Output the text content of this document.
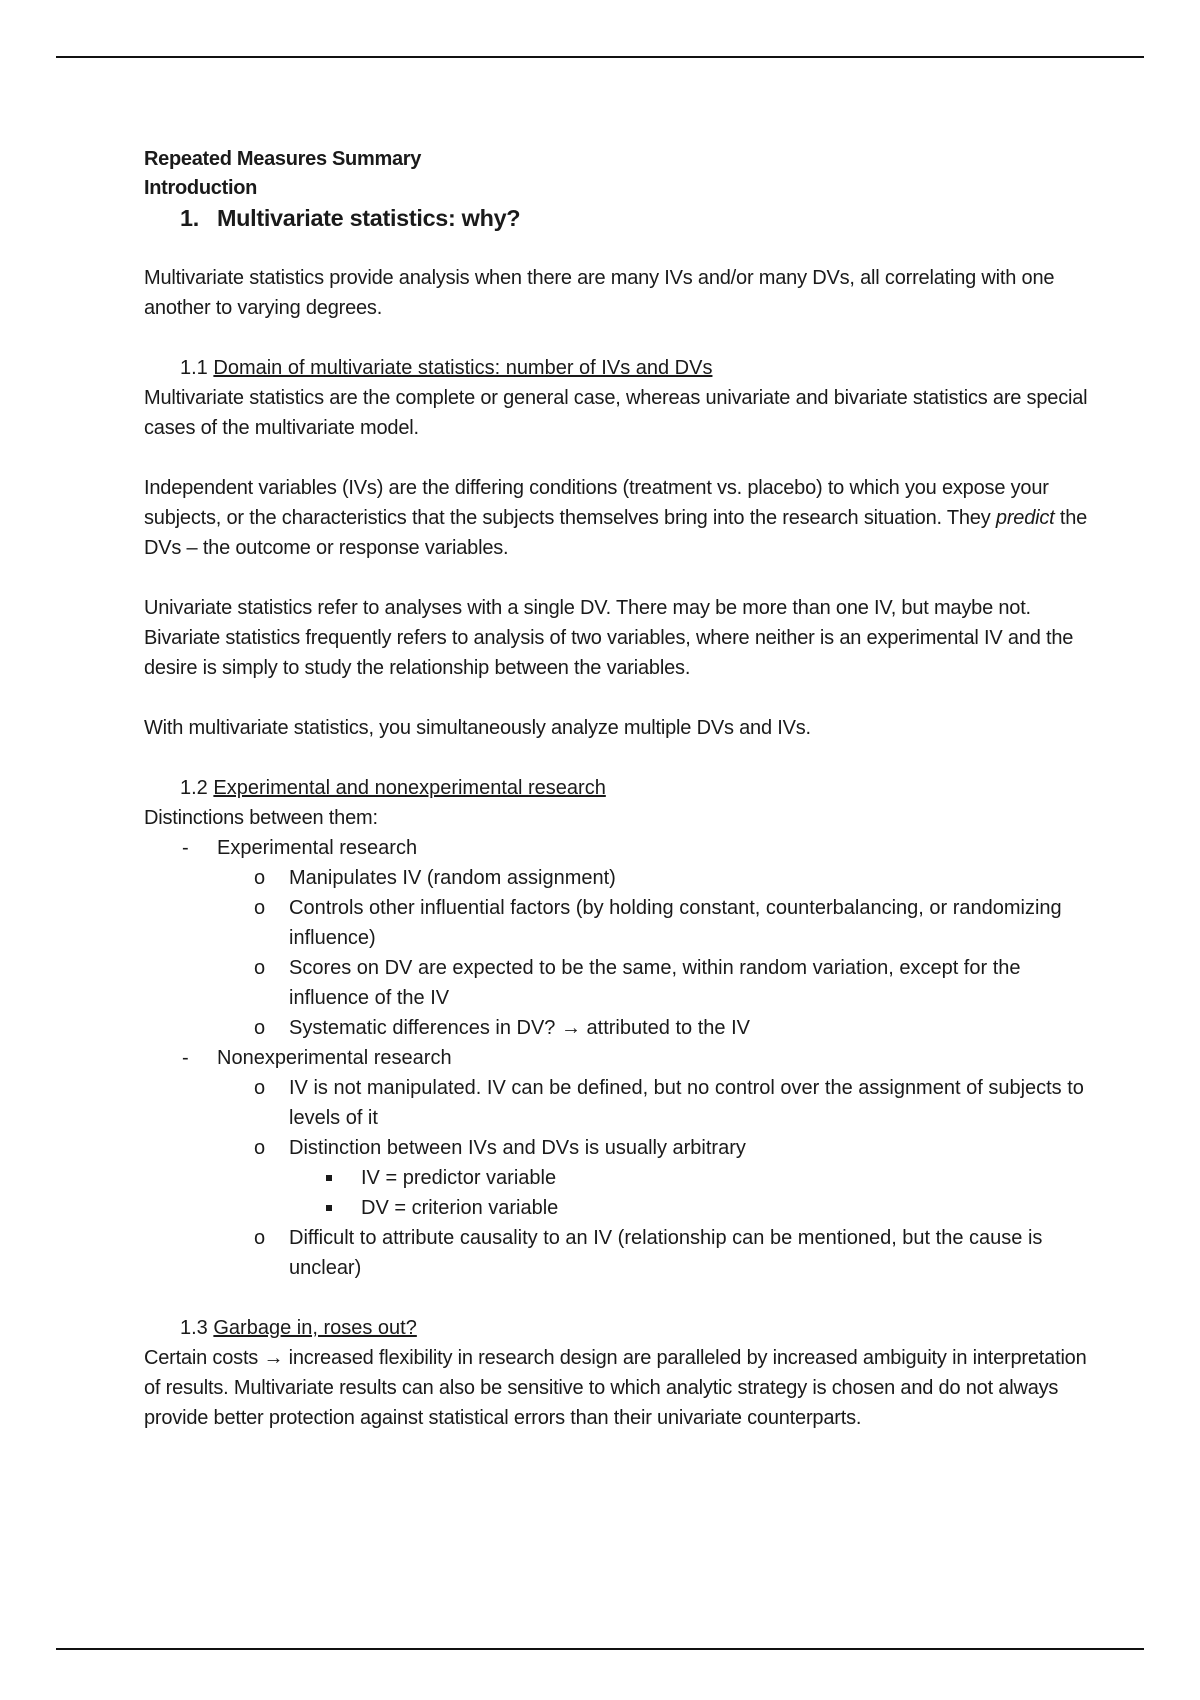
Repeated Measures Summary
Introduction
1. Multivariate statistics: why?

Multivariate statistics provide analysis when there are many IVs and/or many DVs, all correlating with one another to varying degrees.

1.1 Domain of multivariate statistics: number of IVs and DVs

Multivariate statistics are the complete or general case, whereas univariate and bivariate statistics are special cases of the multivariate model.

Independent variables (IVs) are the differing conditions (treatment vs. placebo) to which you expose your subjects, or the characteristics that the subjects themselves bring into the research situation. They predict the DVs – the outcome or response variables.

Univariate statistics refer to analyses with a single DV. There may be more than one IV, but maybe not. Bivariate statistics frequently refers to analysis of two variables, where neither is an experimental IV and the desire is simply to study the relationship between the variables.

With multivariate statistics, you simultaneously analyze multiple DVs and IVs.

1.2 Experimental and nonexperimental research

Distinctions between them:

- Experimental research
o Manipulates IV (random assignment)
o Controls other influential factors (by holding constant, counterbalancing, or randomizing influence)
o Scores on DV are expected to be the same, within random variation, except for the influence of the IV
o Systematic differences in DV? → attributed to the IV
- Nonexperimental research
o IV is not manipulated. IV can be defined, but no control over the assignment of subjects to levels of it
o Distinction between IVs and DVs is usually arbitrary
IV = predictor variable
DV = criterion variable
o Difficult to attribute causality to an IV (relationship can be mentioned, but the cause is unclear)

1.3 Garbage in, roses out?

Certain costs → increased flexibility in research design are paralleled by increased ambiguity in interpretation of results. Multivariate results can also be sensitive to which analytic strategy is chosen and do not always provide better protection against statistical errors than their univariate counterparts.
